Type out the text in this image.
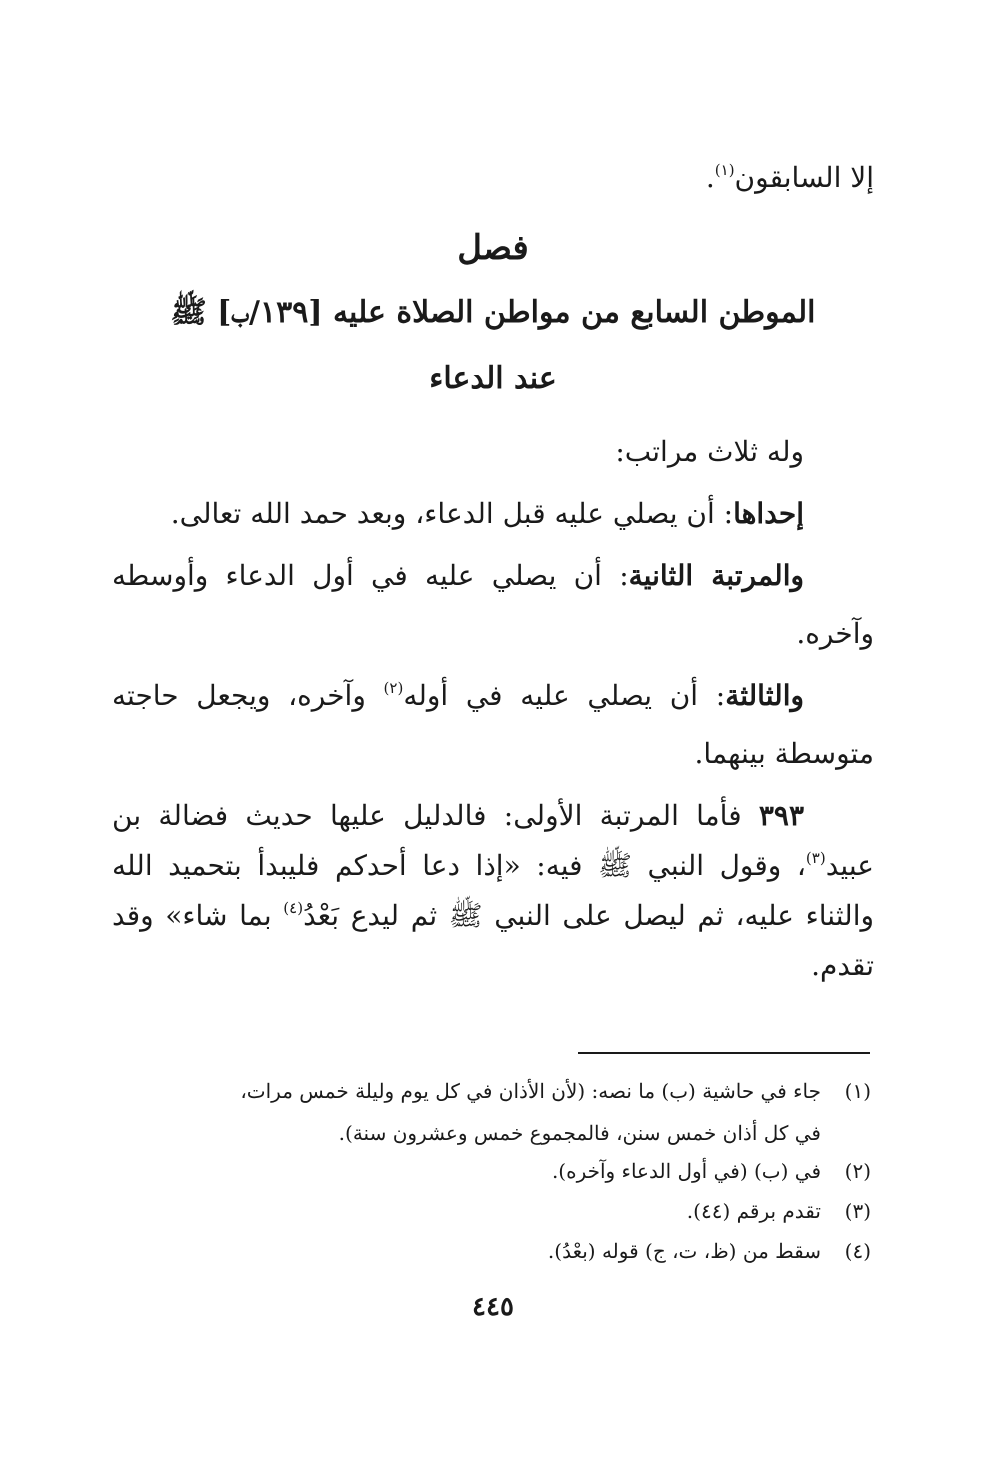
إلا السابقون$^{(١)}$.
فصل
الموطن السابع من مواطن الصلاة عليه [١٣٩/ب] ﷺ
عند الدعاء
وله ثلاث مراتب:
إحداها: أن يصلي عليه قبل الدعاء، وبعد حمد الله تعالى.
والمرتبة الثانية: أن يصلي عليه في أول الدعاء وأوسطه
وآخره.
والثالثة: أن يصلي عليه في أوله$^{(٢)}$ وآخره، ويجعل حاجته
متوسطة بينهما.
٣٩٣ فأما المرتبة الأولى: فالدليل عليها حديث فضالة بن
عبيد$^{(٣)}$، وقول النبي ﷺ فيه: «إذا دعا أحدكم فليبدأ بتحميد الله
والثناء عليه، ثم ليصل على النبي ﷺ ثم ليدع بَعْدُ$^{(٤)}$ بما شاء» وقد
تقدم.
(١)جاء في حاشية (ب) ما نصه: (لأن الأذان في كل يوم وليلة خمس مرات،
في كل أذان خمس سنن، فالمجموع خمس وعشرون سنة).
(٢)في (ب) (في أول الدعاء وآخره).
(٣)تقدم برقم (٤٤).
(٤)سقط من (ظ، ت، ج) قوله (بعْدُ).
٤٤٥
